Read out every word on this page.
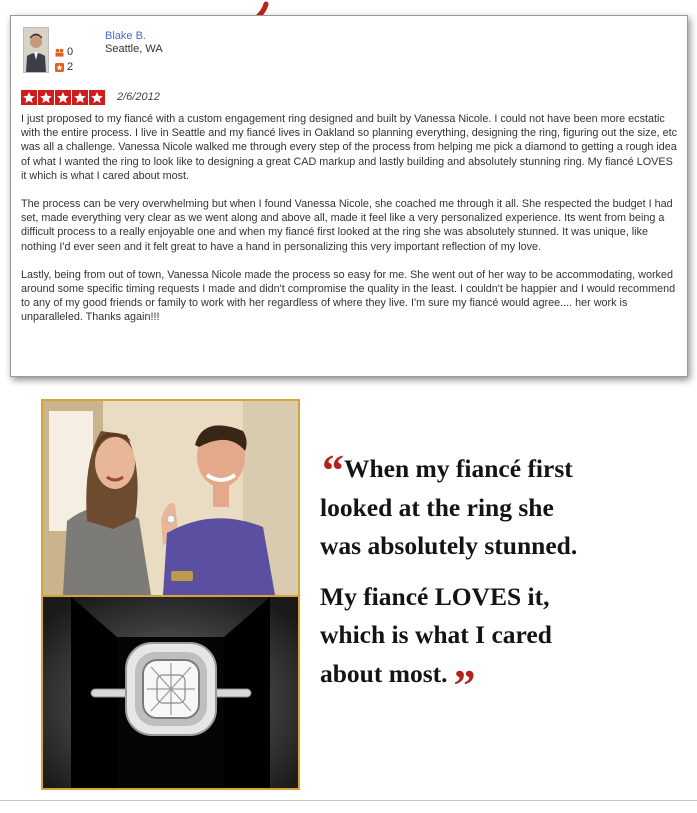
0
2
Blake B.
Seattle, WA
2/6/2012

I just proposed to my fiancé with a custom engagement ring designed and built by Vanessa Nicole. I could not have been more ecstatic with the entire process. I live in Seattle and my fiancé lives in Oakland so planning everything, designing the ring, figuring out the size, etc was all a challenge. Vanessa Nicole walked me through every step of the process from helping me pick a diamond to getting a rough idea of what I wanted the ring to look like to designing a great CAD markup and lastly building and absolutely stunning ring. My fiancé LOVES it which is what I cared about most.

The process can be very overwhelming but when I found Vanessa Nicole, she coached me through it all. She respected the budget I had set, made everything very clear as we went along and above all, made it feel like a very personalized experience. Its went from being a difficult process to a really enjoyable one and when my fiancé first looked at the ring she was absolutely stunned. It was unique, like nothing I'd ever seen and it felt great to have a hand in personalizing this very important reflection of my love.

Lastly, being from out of town, Vanessa Nicole made the process so easy for me. She went out of her way to be accommodating, worked around some specific timing requests I made and didn't compromise the quality in the least. I couldn't be happier and I would recommend to any of my good friends or family to work with her regardless of where they live. I'm sure my fiancé would agree.... her work is unparalleled. Thanks again!!!

“When my fiancé first
looked at the ring she
was absolutely stunned.
My fiancé LOVES it,
which is what I cared
about most. ”
